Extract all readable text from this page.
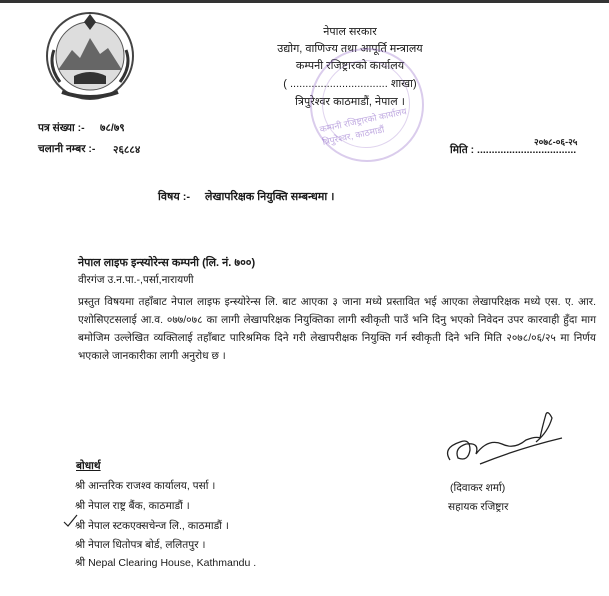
नेपाल सरकार
उद्योग, वाणिज्य तथा आपूर्ति मन्त्रालय
कम्पनी रजिष्ट्रारको कार्यालय
( ................................ शाखा)
त्रिपुरेश्वर काठमाडौं, नेपाल ।
कम्पनी रजिष्ट्रारको कार्यालय त्रिपुरेश्वर, काठमाडौं
पत्र संख्या :- ७८/७९
चलानी नम्बर :- २६८८४	मिति : ..................................
२०७८-०६-२५
विषय :- लेखापरिक्षक नियुक्ति सम्बन्धमा ।
नेपाल लाइफ इन्स्योरेन्स कम्पनी (लि. नं. ७००)
वीरगंज उ.न.पा.-,पर्सा,नारायणी
प्रस्तुत विषयमा तहाँबाट नेपाल लाइफ इन्स्योरेन्स लि. बाट आएका ३ जाना मध्ये प्रस्तावित भई आएका लेखापरिक्षक मध्ये एस. ए. आर. एशोसिएटसलाई आ.व. ०७७/०७८ का लागी लेखापरिक्षक नियुक्तिका लागी स्वीकृती पाउँ भनि दिनु भएको निवेदन उपर कारवाही हुँदा माग बमोजिम उल्लेखित व्यक्तिलाई तहाँबाट पारिश्रमिक दिने गरी लेखापरीक्षक नियुक्ति गर्न स्वीकृती दिने भनि मिति २०७८/०६/२५ मा निर्णय भएकाले जानकारीका लागी अनुरोध छ ।
(दिवाकर शर्मा)
सहायक रजिष्ट्रार
बोधार्थ
श्री आन्तरिक राजश्व कार्यालय, पर्सा ।
श्री नेपाल राष्ट्र बैंक, काठमाडौं ।
श्री नेपाल स्टकएक्सचेन्ज लि., काठमाडौं ।
श्री नेपाल धितोपत्र बोर्ड, ललितपुर ।
श्री Nepal Clearing House, Kathmandu .
